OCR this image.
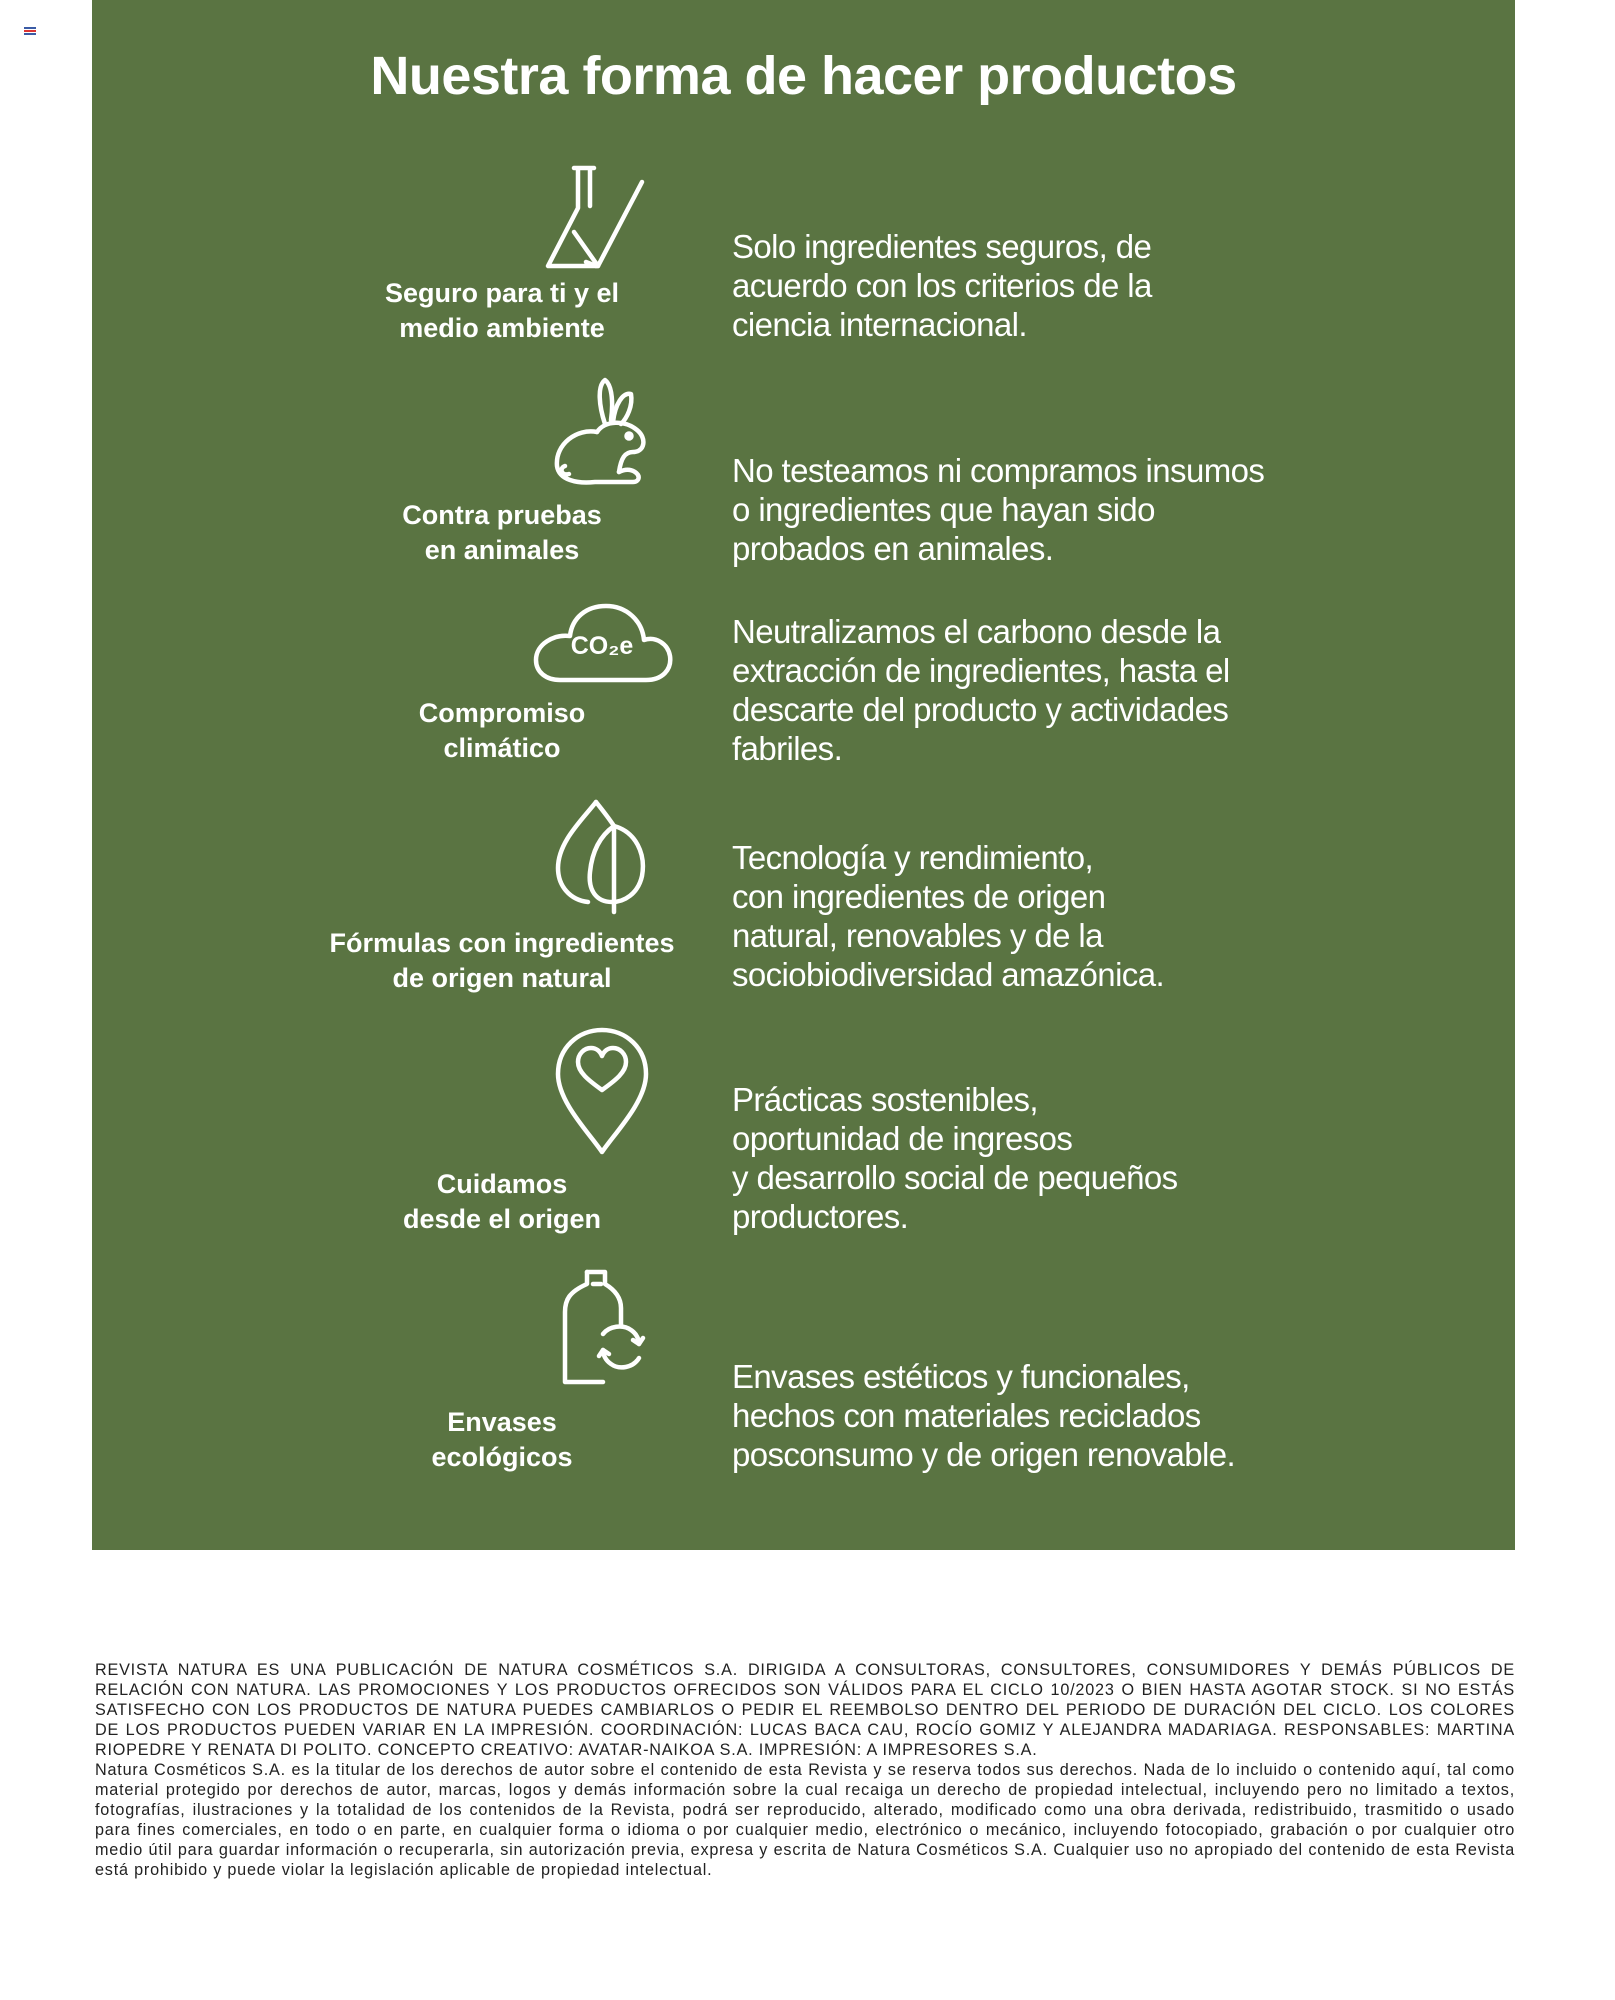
Nuestra forma de hacer productos
Seguro para ti y el
medio ambiente
Solo ingredientes seguros, de
acuerdo con los criterios de la
ciencia internacional.
Contra pruebas
en animales
No testeamos ni compramos insumos
o ingredientes que hayan sido
probados en animales.
CO₂e
Compromiso
climático
Neutralizamos el carbono desde la
extracción de ingredientes, hasta el
descarte del producto y actividades
fabriles.
Fórmulas con ingredientes
de origen natural
Tecnología y rendimiento,
con ingredientes de origen
natural, renovables y de la
sociobiodiversidad amazónica.
Cuidamos
desde el origen
Prácticas sostenibles,
oportunidad de ingresos
y desarrollo social de pequeños
productores.
Envases
ecológicos
Envases estéticos y funcionales,
hechos con materiales reciclados
posconsumo y de origen renovable.

REVISTA NATURA ES UNA PUBLICACIÓN DE NATURA COSMÉTICOS S.A. DIRIGIDA A CONSULTORAS, CONSULTORES, CONSUMIDORES Y DEMÁS PÚBLICOS DE RELACIÓN CON NATURA. LAS PROMOCIONES Y LOS PRODUCTOS OFRECIDOS SON VÁLIDOS PARA EL CICLO 10/2023 O BIEN HASTA AGOTAR STOCK. SI NO ESTÁS SATISFECHO CON LOS PRODUCTOS DE NATURA PUEDES CAMBIARLOS O PEDIR EL REEMBOLSO DENTRO DEL PERIODO DE DURACIÓN DEL CICLO. LOS COLORES DE LOS PRODUCTOS PUEDEN VARIAR EN LA IMPRESIÓN. COORDINACIÓN: LUCAS BACA CAU, ROCÍO GOMIZ Y ALEJANDRA MADARIAGA. RESPONSABLES: MARTINA RIOPEDRE Y RENATA DI POLITO. CONCEPTO CREATIVO: AVATAR-NAIKOA S.A. IMPRESIÓN: A IMPRESORES S.A.

Natura Cosméticos S.A. es la titular de los derechos de autor sobre el contenido de esta Revista y se reserva todos sus derechos. Nada de lo incluido o contenido aquí, tal como material protegido por derechos de autor, marcas, logos y demás información sobre la cual recaiga un derecho de propiedad intelectual, incluyendo pero no limitado a textos, fotografías, ilustraciones y la totalidad de los contenidos de la Revista, podrá ser reproducido, alterado, modificado como una obra derivada, redistribuido, trasmitido o usado para fines comerciales, en todo o en parte, en cualquier forma o idioma o por cualquier medio, electrónico o mecánico, incluyendo fotocopiado, grabación o por cualquier otro medio útil para guardar información o recuperarla, sin autorización previa, expresa y escrita de Natura Cosméticos S.A. Cualquier uso no apropiado del contenido de esta Revista está prohibido y puede violar la legislación aplicable de propiedad intelectual.
